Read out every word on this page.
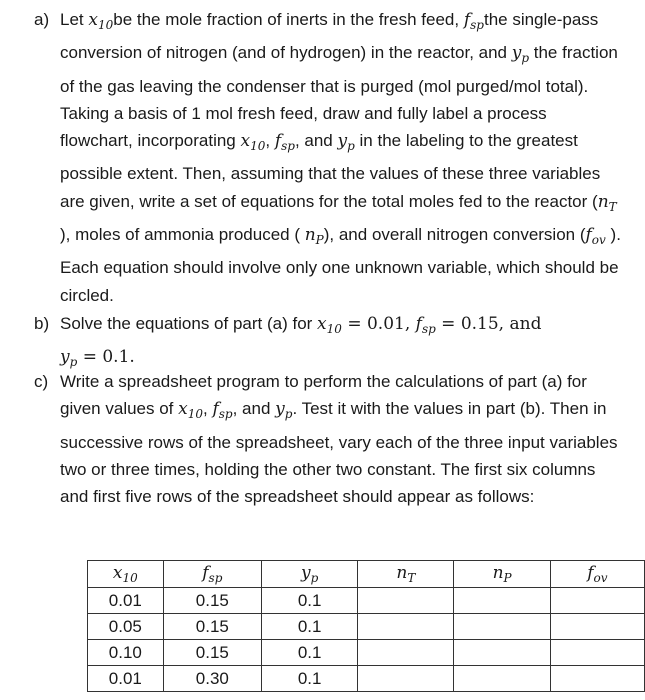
a) Let $x_{10}be$ the mole fraction of inerts in the fresh feed, $f_{sp}the$ single-pass conversion of nitrogen (and of hydrogen) in the reactor, and $y_p$ the fraction of the gas leaving the condenser that is purged (mol purged/mol total). Taking a basis of 1 mol fresh feed, draw and fully label a process flowchart, incorporating $x_{10}$, $f_{sp}$, and $y_p$ in the labeling to the greatest possible extent. Then, assuming that the values of these three variables are given, write a set of equations for the total moles fed to the reactor ($n_T$ ), moles of ammonia produced ( $n_P$), and overall nitrogen conversion ($f_{ov}$ ). Each equation should involve only one unknown variable, which should be circled.
b) Solve the equations of part (a) for $x_{10} = 0.01$, $f_{sp} = 0.15$, and
$y_p = 0.1$.
c) Write a spreadsheet program to perform the calculations of part (a) for given values of $x_{10}$, $f_{sp}$, and $y_p$. Test it with the values in part (b). Then in successive rows of the spreadsheet, vary each of the three input variables two or three times, holding the other two constant. The first six columns and first five rows of the spreadsheet should appear as follows:
$x_{10}$	$f_{sp}$	$y_p$	$n_T$	$n_P$	$f_{ov}$
0.01	0.15	0.1			
0.05	0.15	0.1			
0.10	0.15	0.1			
0.01	0.30	0.1			
